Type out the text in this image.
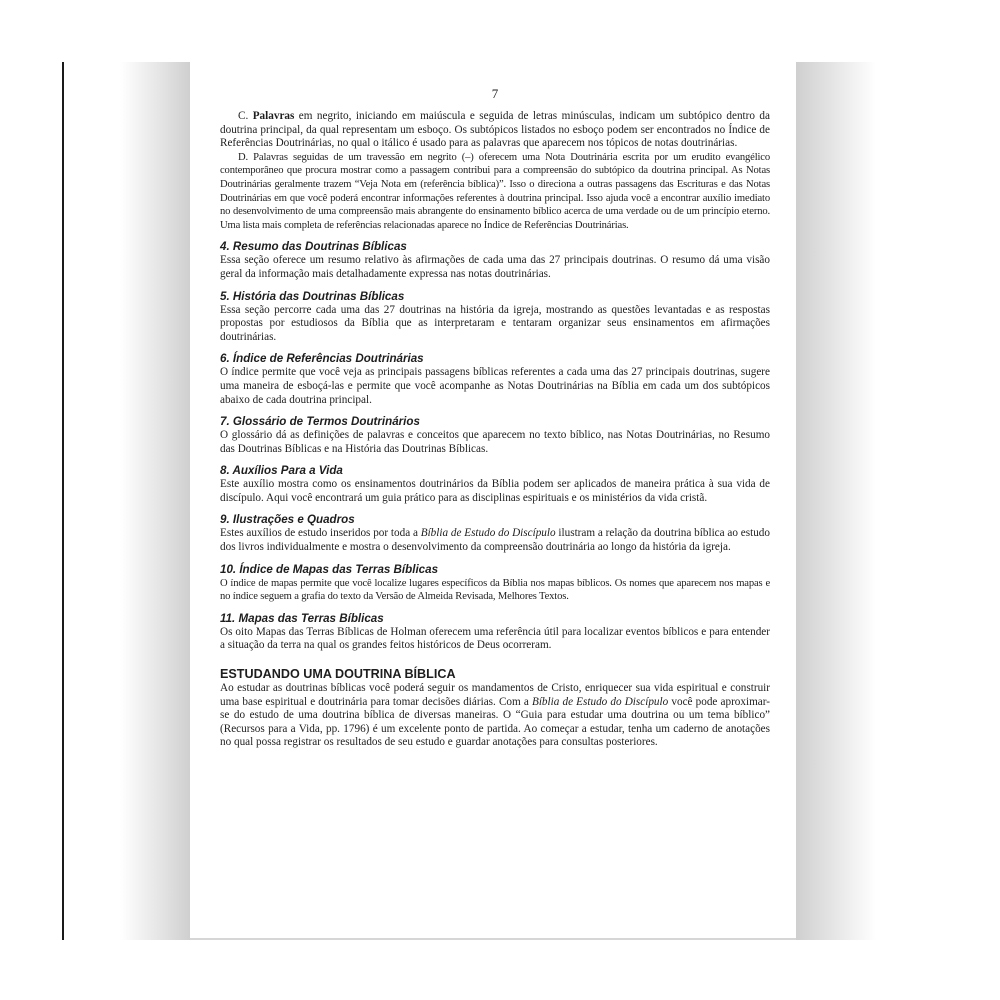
7

C. Palavras em negrito, iniciando em maiúscula e seguida de letras minúsculas, indicam um subtópico dentro da doutrina principal, da qual representam um esboço. Os subtópicos listados no esboço podem ser encontrados no Índice de Referências Doutrinárias, no qual o itálico é usado para as palavras que aparecem nos tópicos de notas doutrinárias.

D. Palavras seguidas de um travessão em negrito (–) oferecem uma Nota Doutrinária escrita por um erudito evangélico contemporâneo que procura mostrar como a passagem contribui para a compreensão do subtópico da doutrina principal. As Notas Doutrinárias geralmente trazem “Veja Nota em (referência bíblica)”. Isso o direciona a outras passagens das Escrituras e das Notas Doutrinárias em que você poderá encontrar informações referentes à doutrina principal. Isso ajuda você a encontrar auxílio imediato no desenvolvimento de uma compreensão mais abrangente do ensinamento bíblico acerca de uma verdade ou de um princípio eterno. Uma lista mais completa de referências relacionadas aparece no Índice de Referências Doutrinárias.

4. Resumo das Doutrinas Bíblicas

Essa seção oferece um resumo relativo às afirmações de cada uma das 27 principais doutrinas. O resumo dá uma visão geral da informação mais detalhadamente expressa nas notas doutrinárias.

5. História das Doutrinas Bíblicas

Essa seção percorre cada uma das 27 doutrinas na história da igreja, mostrando as questões levantadas e as respostas propostas por estudiosos da Bíblia que as interpretaram e tentaram organizar seus ensinamentos em afirmações doutrinárias.

6. Índice de Referências Doutrinárias

O índice permite que você veja as principais passagens bíblicas referentes a cada uma das 27 principais doutrinas, sugere uma maneira de esboçá-las e permite que você acompanhe as Notas Doutrinárias na Bíblia em cada um dos subtópicos abaixo de cada doutrina principal.

7. Glossário de Termos Doutrinários

O glossário dá as definições de palavras e conceitos que aparecem no texto bíblico, nas Notas Doutrinárias, no Resumo das Doutrinas Bíblicas e na História das Doutrinas Bíblicas.

8. Auxílios Para a Vida

Este auxílio mostra como os ensinamentos doutrinários da Bíblia podem ser aplicados de maneira prática à sua vida de discípulo. Aqui você encontrará um guia prático para as disciplinas espirituais e os ministérios da vida cristã.

9. Ilustrações e Quadros

Estes auxílios de estudo inseridos por toda a Bíblia de Estudo do Discípulo ilustram a relação da doutrina bíblica ao estudo dos livros individualmente e mostra o desenvolvimento da compreensão doutrinária ao longo da história da igreja.

10. Índice de Mapas das Terras Bíblicas

O índice de mapas permite que você localize lugares específicos da Bíblia nos mapas bíblicos. Os nomes que aparecem nos mapas e no índice seguem a grafia do texto da Versão de Almeida Revisada, Melhores Textos.

11. Mapas das Terras Bíblicas

Os oito Mapas das Terras Bíblicas de Holman oferecem uma referência útil para localizar eventos bíblicos e para entender a situação da terra na qual os grandes feitos históricos de Deus ocorreram.

ESTUDANDO UMA DOUTRINA BÍBLICA

Ao estudar as doutrinas bíblicas você poderá seguir os mandamentos de Cristo, enriquecer sua vida espiritual e construir uma base espiritual e doutrinária para tomar decisões diárias. Com a Bíblia de Estudo do Discípulo você pode aproximar-se do estudo de uma doutrina bíblica de diversas maneiras. O “Guia para estudar uma doutrina ou um tema bíblico” (Recursos para a Vida, pp. 1796) é um excelente ponto de partida. Ao começar a estudar, tenha um caderno de anotações no qual possa registrar os resultados de seu estudo e guardar anotações para consultas posteriores.
